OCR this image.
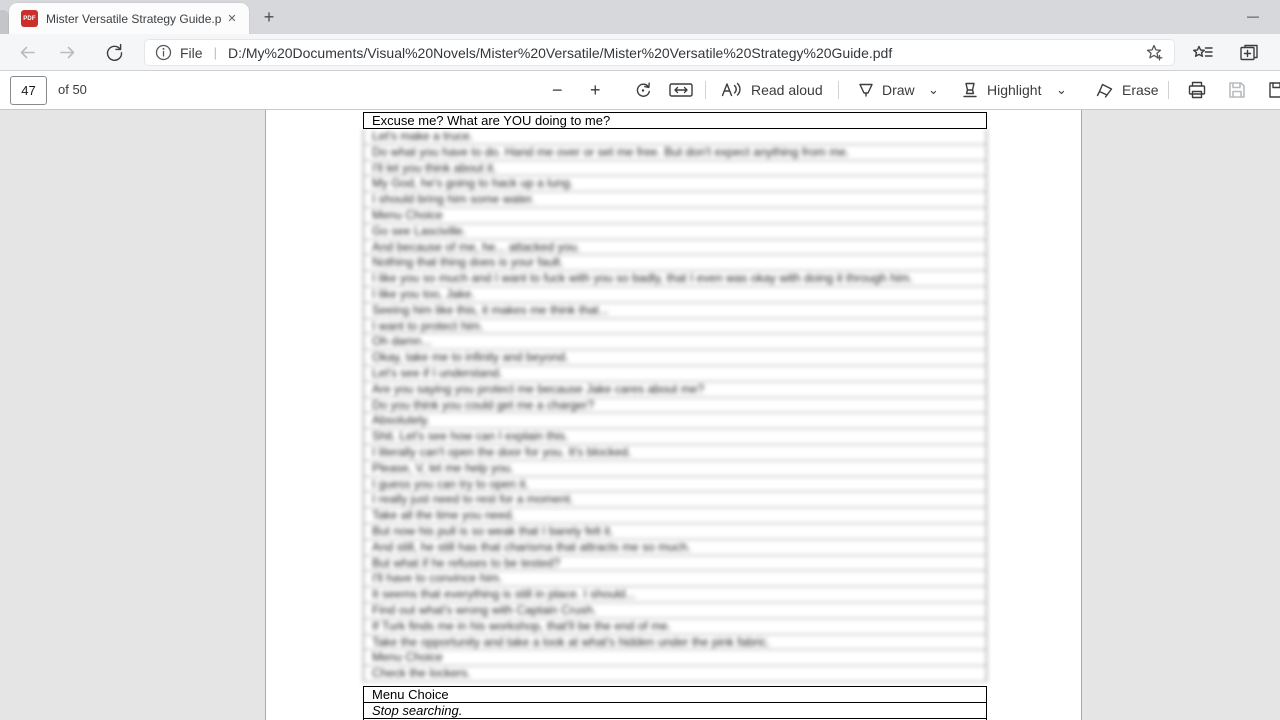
PDF Mister Versatile Strategy Guide.p ✕	+	—
File | D:/My%20Documents/Visual%20Novels/Mister%20Versatile/Mister%20Versatile%20Strategy%20Guide.pdf
47
of 50	− +	Read aloud	Draw ⌄	Highlight ⌄	Erase
Excuse me? What are YOU doing to me?
Let's make a truce.
Do what you have to do. Hand me over or set me free. But don't expect anything from me.
I'll let you think about it.
My God, he's going to hack up a lung.
I should bring him some water.
Menu Choice
Go see Lasciville.
And because of me, he... attacked you.
Nothing that thing does is your fault.
I like you so much and I want to fuck with you so badly, that I even was okay with doing it through him.
I like you too, Jake.
Seeing him like this, it makes me think that...
I want to protect him.
Oh damn...
Okay, take me to infinity and beyond.
Let's see if I understand.
Are you saying you protect me because Jake cares about me?
Do you think you could get me a charger?
Absolutely.
Shit. Let's see how can I explain this.
I literally can't open the door for you. It's blocked.
Please, V, let me help you.
I guess you can try to open it.
I really just need to rest for a moment.
Take all the time you need.
But now his pull is so weak that I barely felt it.
And still, he still has that charisma that attracts me so much.
But what if he refuses to be tested?
I'll have to convince him.
It seems that everything is still in place. I should...
Find out what's wrong with Captain Crush.
If Turk finds me in his workshop, that'll be the end of me.
Take the opportunity and take a look at what's hidden under the pink fabric.
Menu Choice
Check the lockers.
Menu Choice
Stop searching.
